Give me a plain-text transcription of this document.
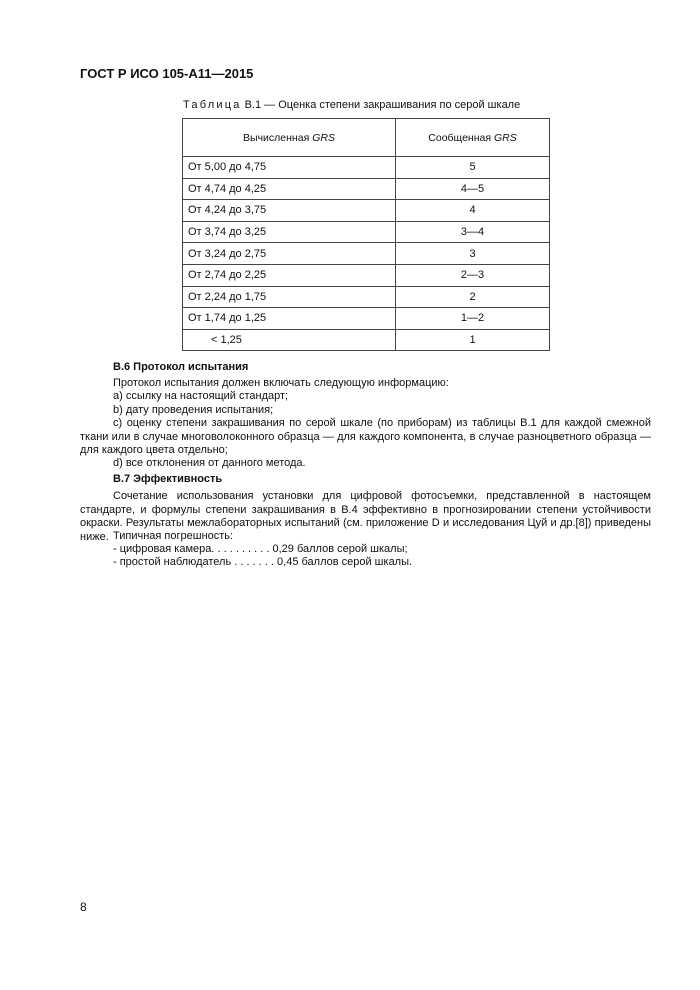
ГОСТ Р ИСО 105-A11—2015
Таблица В.1 — Оценка степени закрашивания по серой шкале
Вычисленная GRS	Сообщенная GRS
От 5,00 до 4,75	5
От 4,74 до 4,25	4—5
От 4,24 до 3,75	4
От 3,74 до 3,25	3—4
От 3,24 до 2,75	3
От 2,74 до 2,25	2—3
От 2,24 до 1,75	2
От 1,74 до 1,25	1—2
< 1,25	1
В.6 Протокол испытания
Протокол испытания должен включать следующую информацию:
а) ссылку на настоящий стандарт;
b) дату проведения испытания;
c) оценку степени закрашивания по серой шкале (по приборам) из таблицы В.1 для каждой смежной ткани или в случае многоволоконного образца — для каждого компонента, в случае разноцветного образца — для каждого цвета отдельно;
d) все отклонения от данного метода.
В.7 Эффективность
Сочетание использования установки для цифровой фотосъемки, представленной в настоящем стандарте, и формулы степени закрашивания в В.4 эффективно в прогнозировании степени устойчивости окраски. Результаты межлабораторных испытаний (см. приложение D и исследования Цуй и др.[8]) приведены ниже. Типичная погрешность:
- цифровая камера. . . . . . . . . . 0,29 баллов серой шкалы;
- простой наблюдатель . . . . . . . 0,45 баллов серой шкалы.
8
